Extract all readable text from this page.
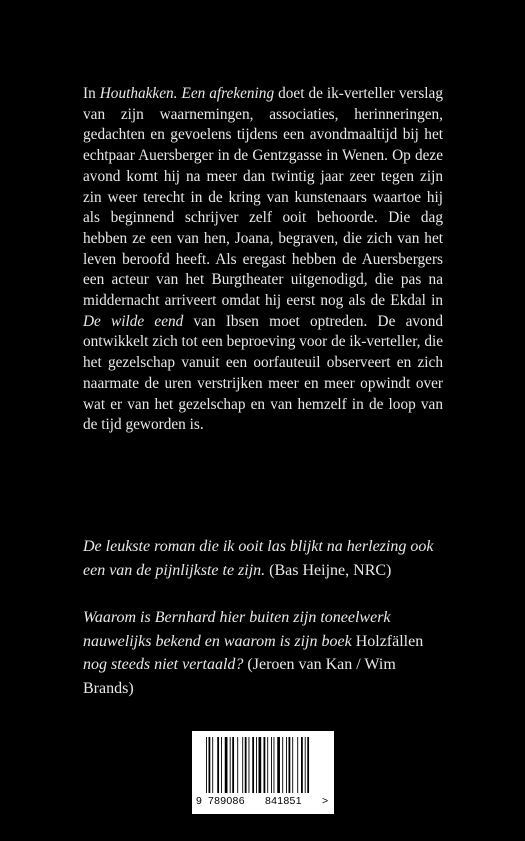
In Houthakken. Een afrekening doet de ik-verteller verslag van zijn waarnemingen, associaties, herinneringen, gedachten en gevoelens tijdens een avondmaaltijd bij het echtpaar Auersberger in de Gentzgasse in Wenen. Op deze avond komt hij na meer dan twintig jaar zeer tegen zijn zin weer terecht in de kring van kunstenaars waartoe hij als beginnend schrijver zelf ooit behoorde. Die dag hebben ze een van hen, Joana, begraven, die zich van het leven beroofd heeft. Als eregast hebben de Auersbergers een acteur van het Burgtheater uitgenodigd, die pas na middernacht arriveert omdat hij eerst nog als de Ekdal in De wilde eend van Ibsen moet optreden. De avond ontwikkelt zich tot een beproeving voor de ik-verteller, die het gezelschap vanuit een oorfauteuil observeert en zich naarmate de uren verstrijken meer en meer opwindt over wat er van het gezelschap en van hemzelf in de loop van de tijd geworden is.

De leukste roman die ik ooit las blijkt na herlezing ook een van de pijnlijkste te zijn. (Bas Heijne, NRC)

Waarom is Bernhard hier buiten zijn toneelwerk nauwelijks bekend en waarom is zijn boek Holzfällen nog steeds niet vertaald? (Jeroen van Kan / Wim Brands)

9 789086 841851 >
